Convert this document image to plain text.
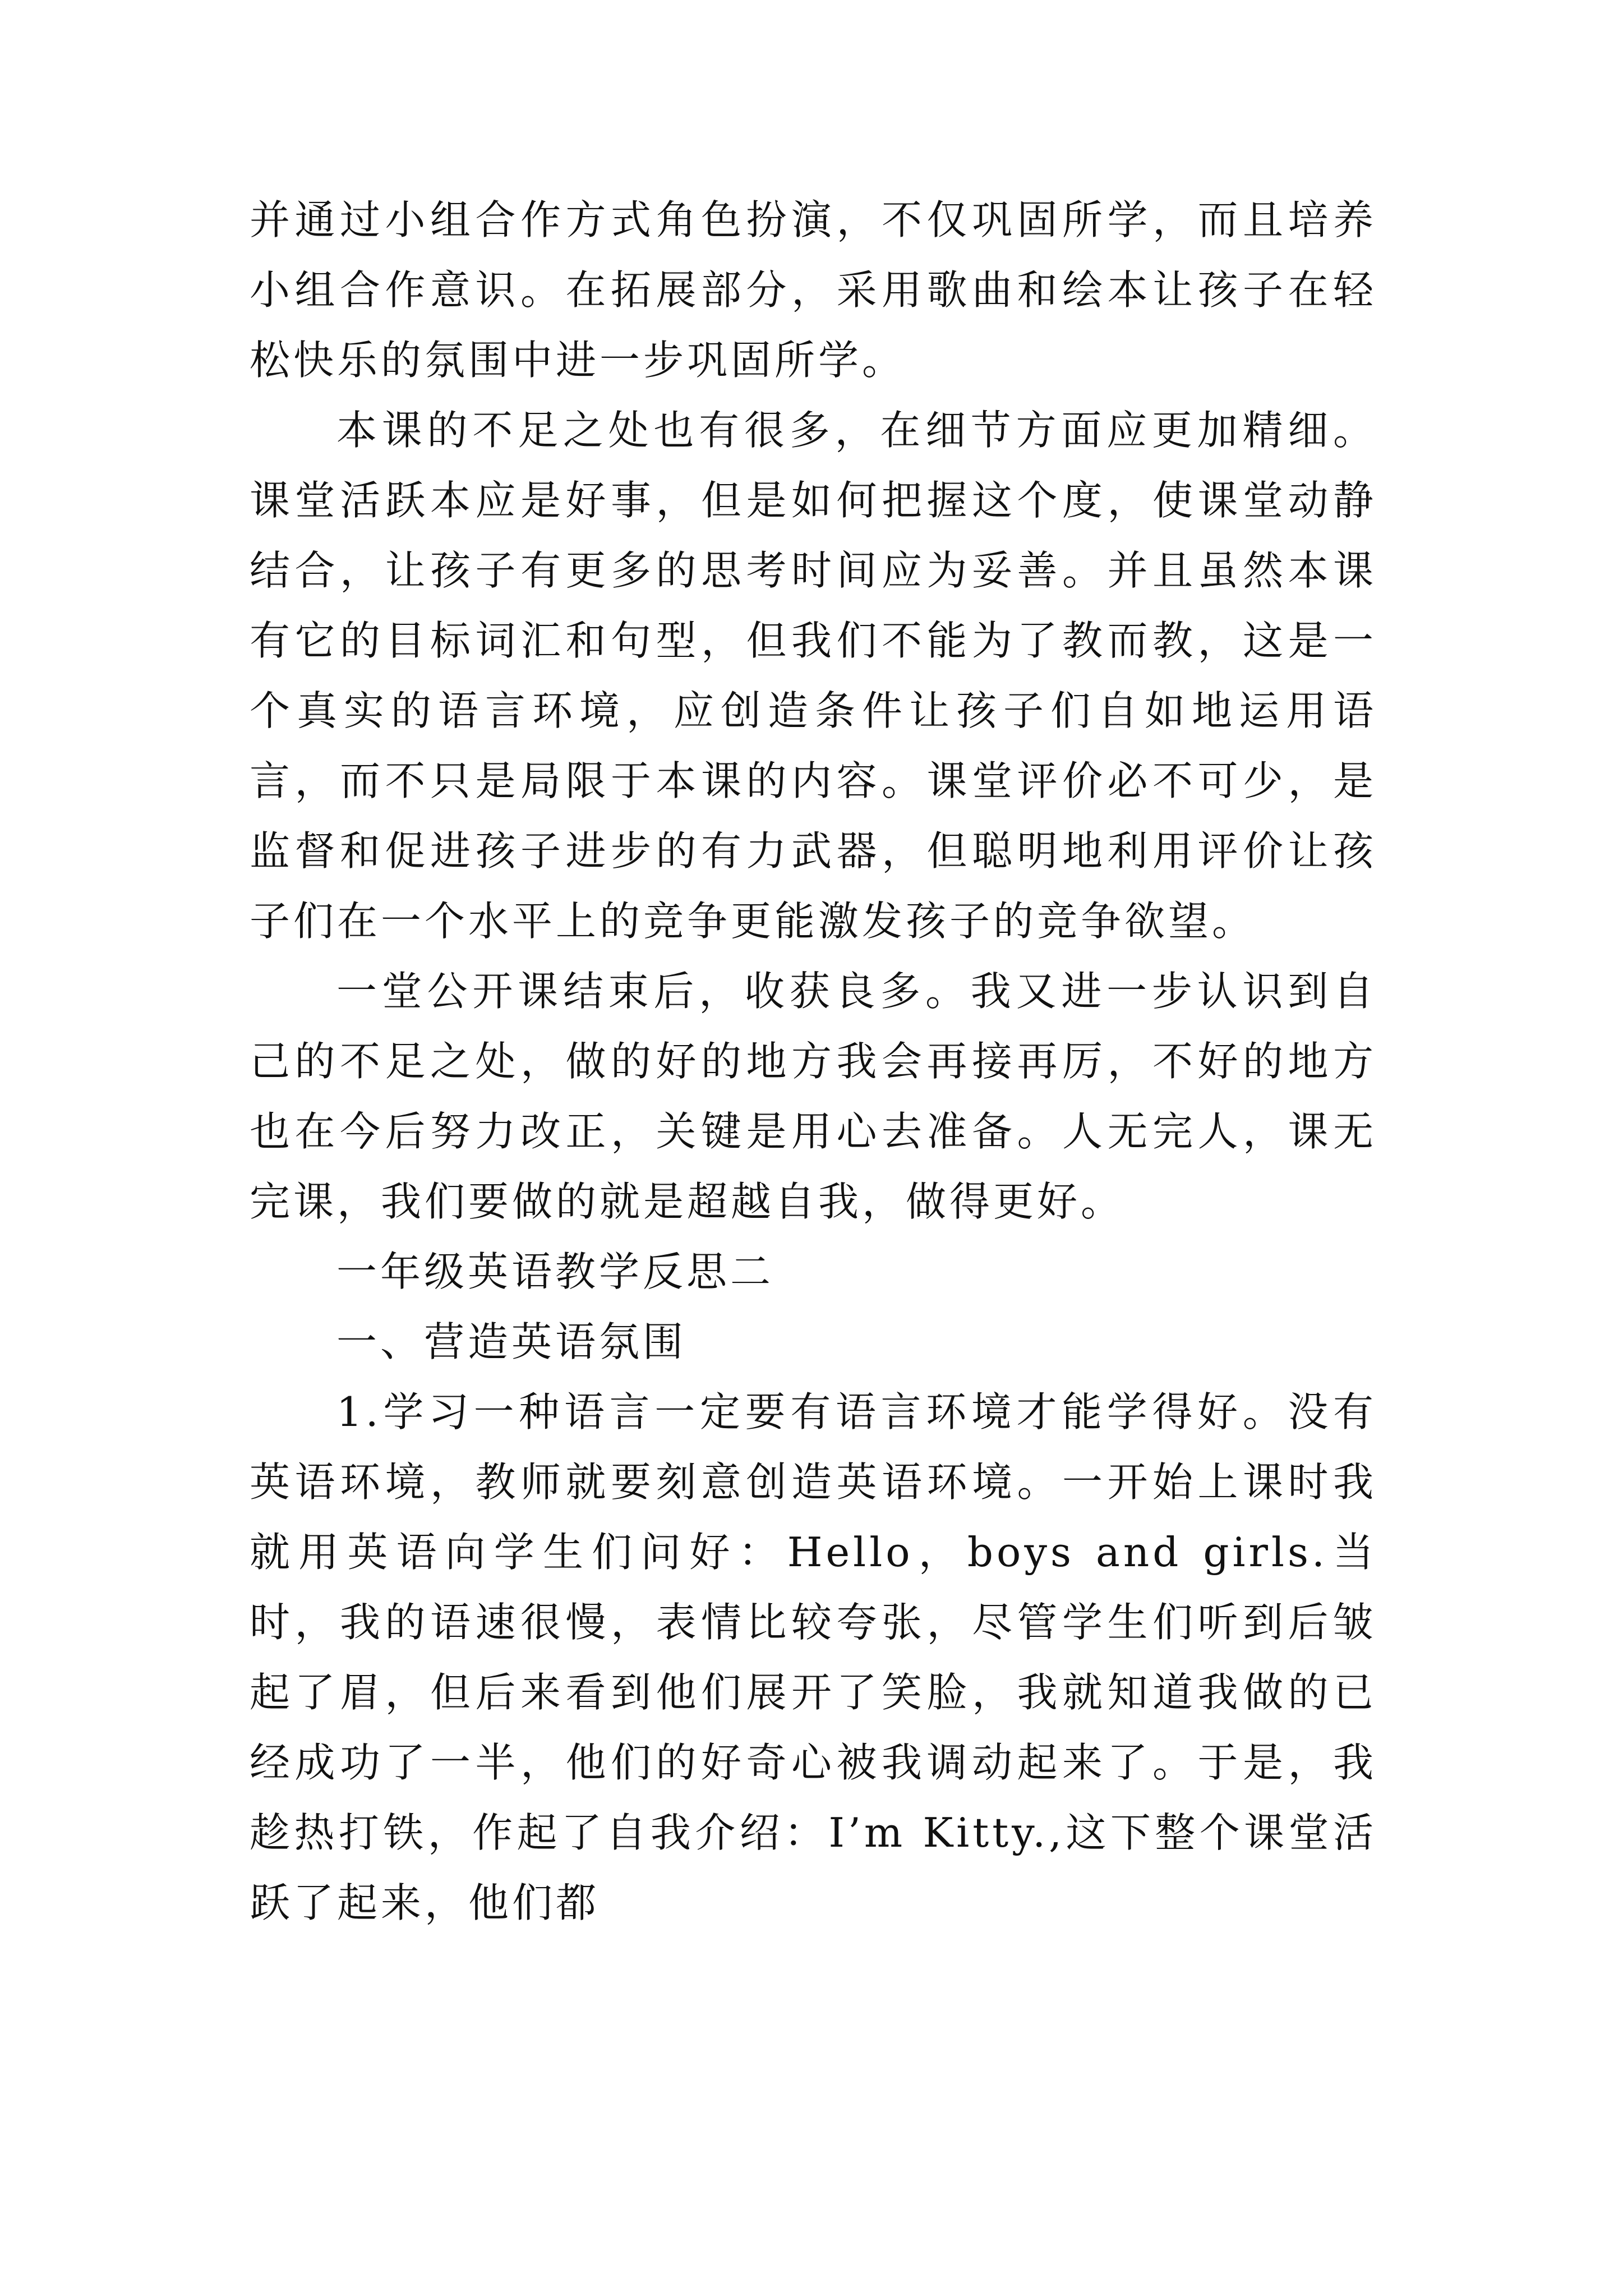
并通过小组合作方式角色扮演，不仅巩固所学，而且培养小组合作意识。在拓展部分，采用歌曲和绘本让孩子在轻松快乐的氛围中进一步巩固所学。

本课的不足之处也有很多，在细节方面应更加精细。课堂活跃本应是好事，但是如何把握这个度，使课堂动静结合，让孩子有更多的思考时间应为妥善。并且虽然本课有它的目标词汇和句型，但我们不能为了教而教，这是一个真实的语言环境，应创造条件让孩子们自如地运用语言，而不只是局限于本课的内容。课堂评价必不可少，是监督和促进孩子进步的有力武器，但聪明地利用评价让孩子们在一个水平上的竞争更能激发孩子的竞争欲望。

一堂公开课结束后，收获良多。我又进一步认识到自己的不足之处，做的好的地方我会再接再厉，不好的地方也在今后努力改正，关键是用心去准备。人无完人，课无完课，我们要做的就是超越自我，做得更好。

一年级英语教学反思二

一、营造英语氛围

1.学习一种语言一定要有语言环境才能学得好。没有英语环境，教师就要刻意创造英语环境。一开始上课时我就用英语向学生们问好：Hello，boys and girls.当时，我的语速很慢，表情比较夸张，尽管学生们听到后皱起了眉，但后来看到他们展开了笑脸，我就知道我做的已经成功了一半，他们的好奇心被我调动起来了。于是，我趁热打铁，作起了自我介绍：I’m Kitty.,这下整个课堂活跃了起来，他们都
